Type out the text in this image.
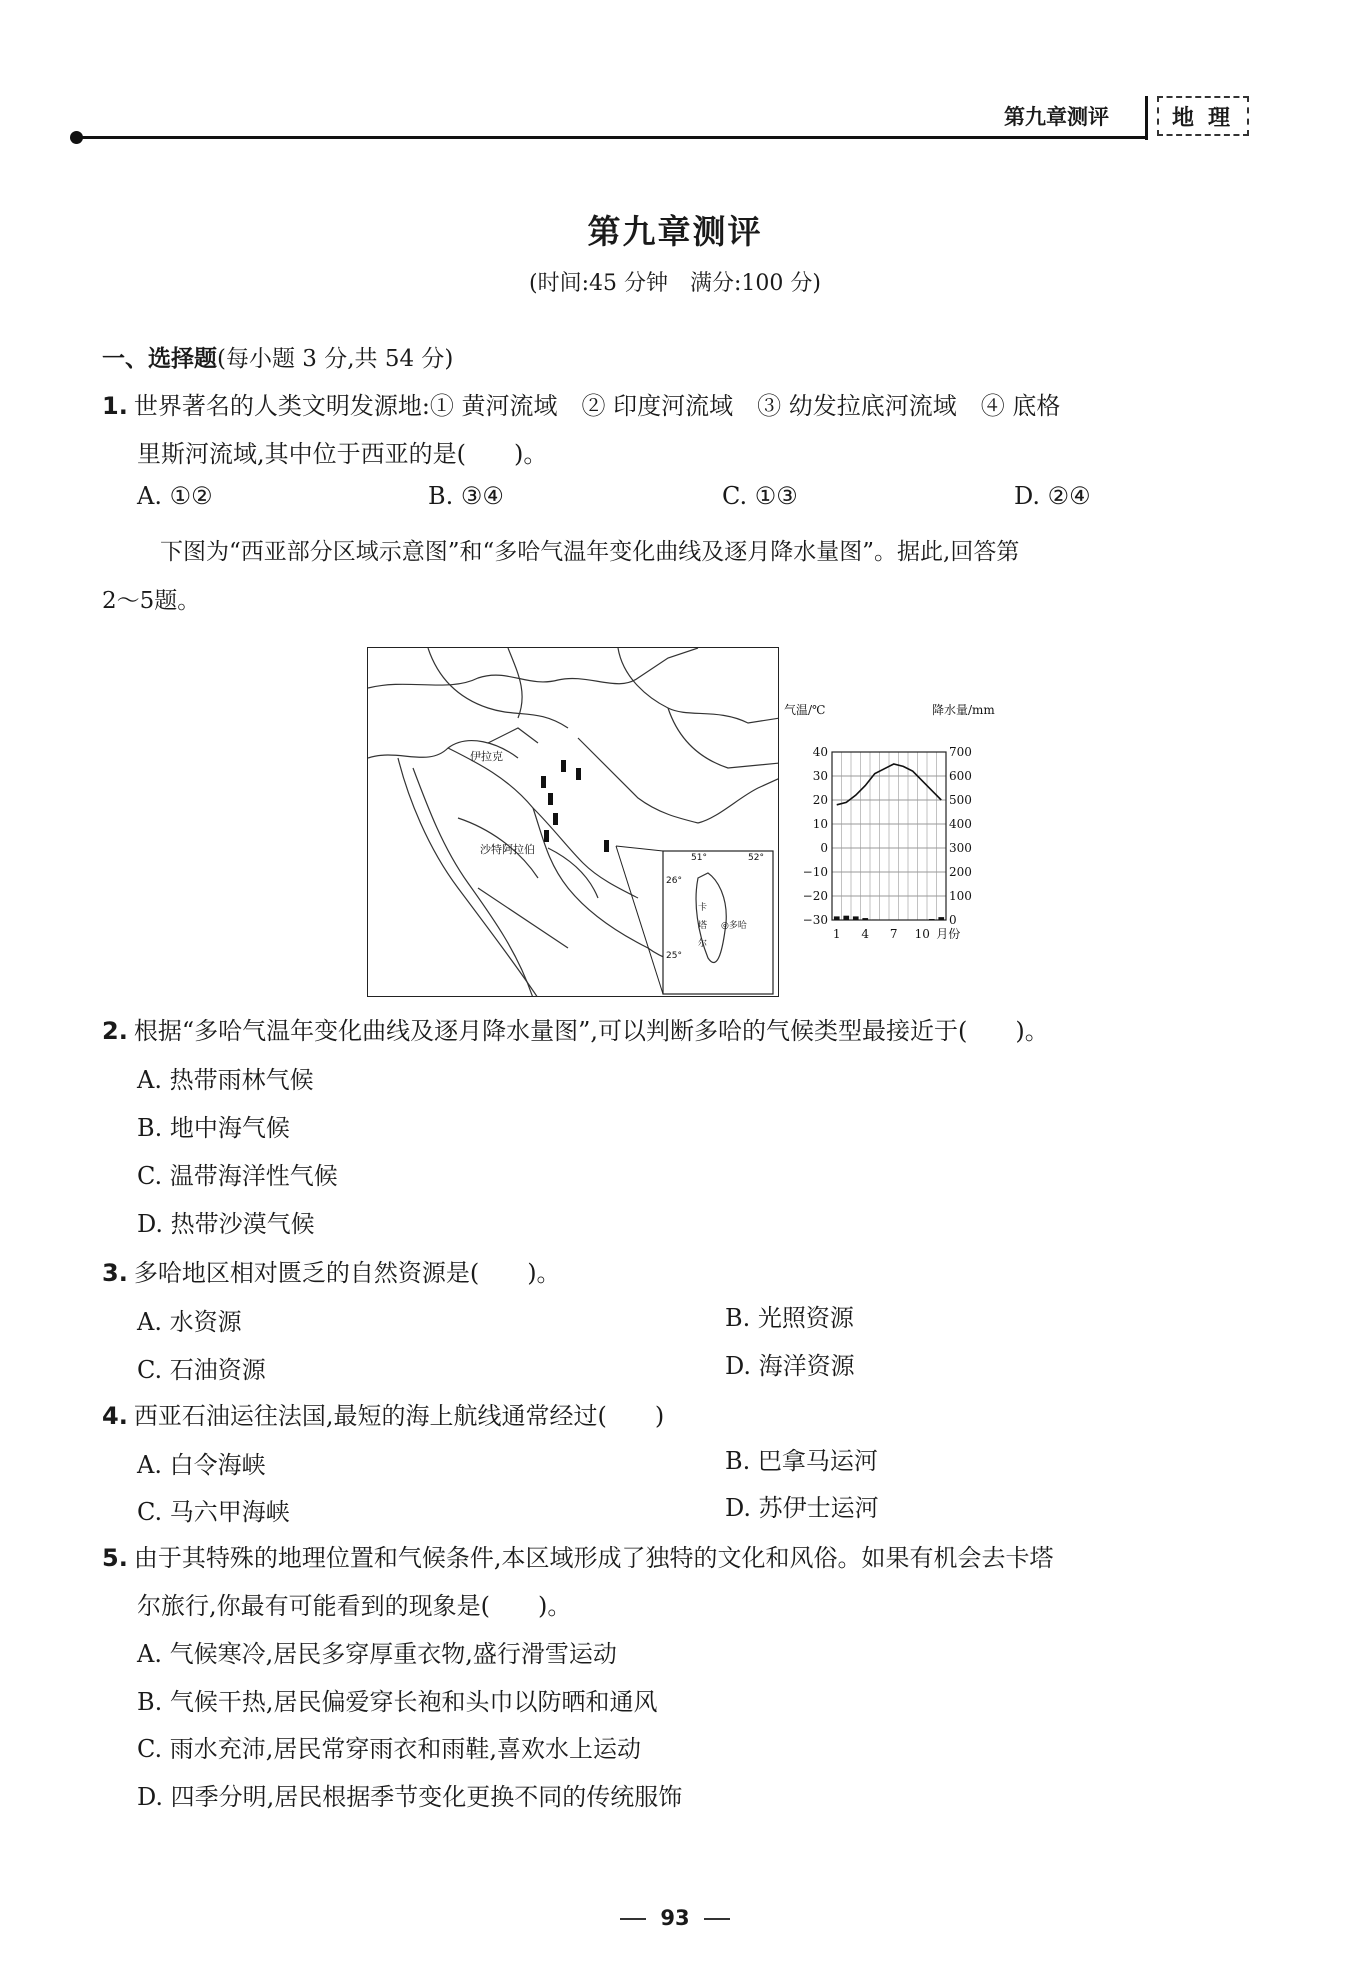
第九章测评	地理
第九章测评
(时间:45 分钟　满分:100 分)
一、选择题(每小题 3 分,共 54 分)
1. 世界著名的人类文明发源地:① 黄河流域　② 印度河流域　③ 幼发拉底河流域　④ 底格
里斯河流域,其中位于西亚的是(　　)。
A. ①②	B. ③④	C. ①③	D. ②④
下图为“西亚部分区域示意图”和“多哈气温年变化曲线及逐月降水量图”。据此,回答第
2～5题。
伊拉克
沙特阿拉伯
51°	52°
26°
25°
◎多哈
卡塔尔
气温/℃	降水量/mm
40
30
20
10
0
−10
−20
−30
700
600
500
400
300
200
100
0
1 4 7 10 月份
2. 根据“多哈气温年变化曲线及逐月降水量图”,可以判断多哈的气候类型最接近于(　　)。
A. 热带雨林气候
B. 地中海气候
C. 温带海洋性气候
D. 热带沙漠气候
3. 多哈地区相对匮乏的自然资源是(　　)。
A. 水资源	B. 光照资源
C. 石油资源	D. 海洋资源
4. 西亚石油运往法国,最短的海上航线通常经过(　　)
A. 白令海峡	B. 巴拿马运河
C. 马六甲海峡	D. 苏伊士运河
5. 由于其特殊的地理位置和气候条件,本区域形成了独特的文化和风俗。如果有机会去卡塔
尔旅行,你最有可能看到的现象是(　　)。
A. 气候寒冷,居民多穿厚重衣物,盛行滑雪运动
B. 气候干热,居民偏爱穿长袍和头巾以防晒和通风
C. 雨水充沛,居民常穿雨衣和雨鞋,喜欢水上运动
D. 四季分明,居民根据季节变化更换不同的传统服饰
93
